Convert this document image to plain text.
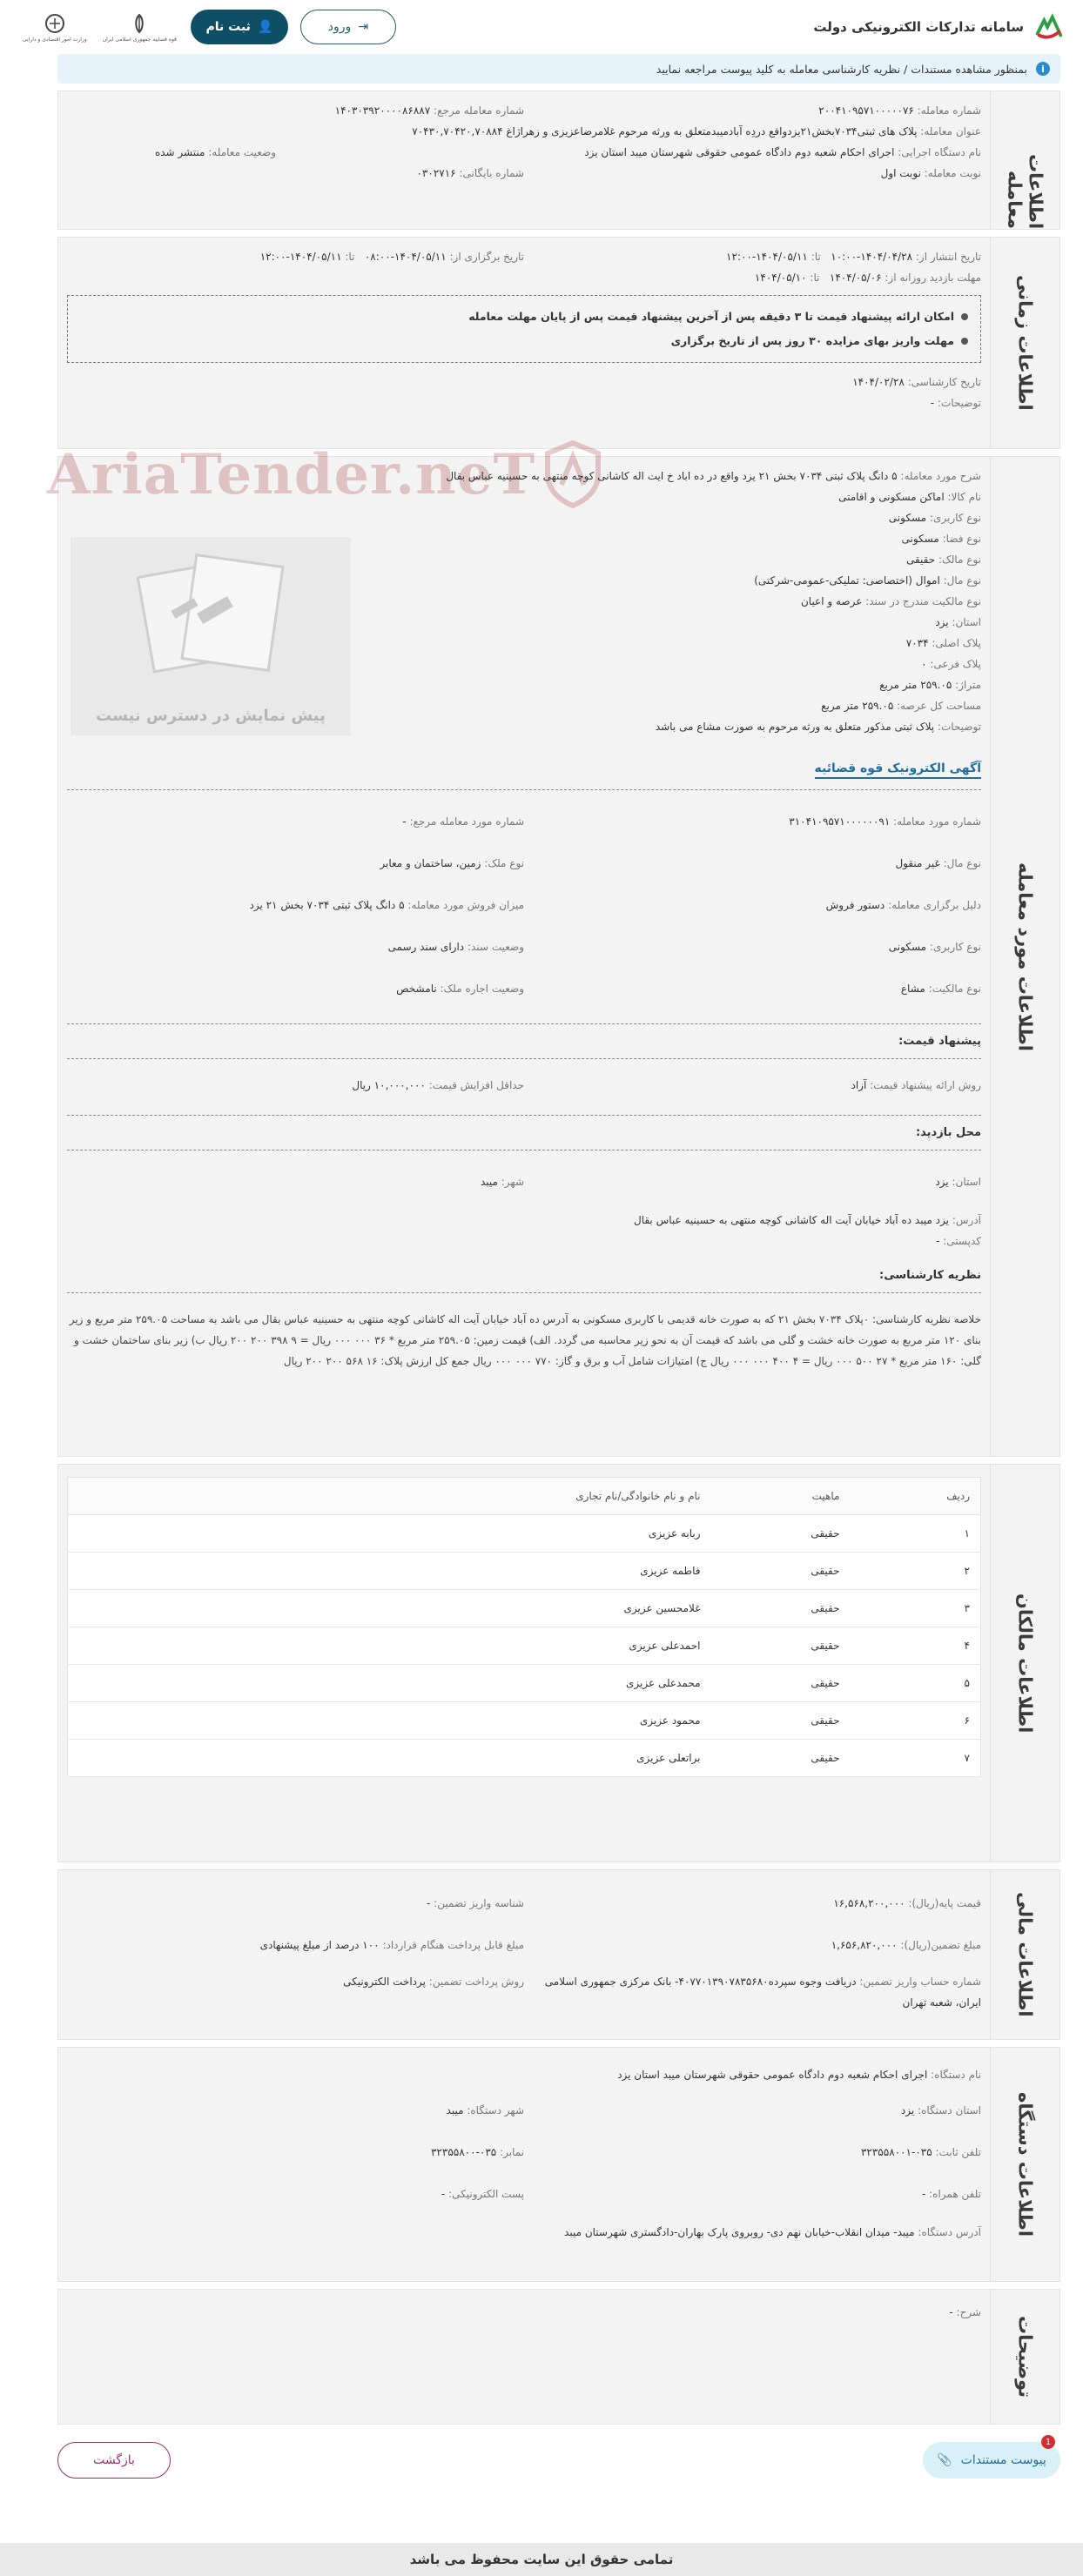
سامانه تدارکات الکترونیکی دولت
⇥
ورود
👤
ثبت نام
قوه قضاییه جمهوری اسلامی ایران
وزارت امور اقتصادی و دارایی
i
بمنظور مشاهده مستندات / نظریه کارشناسی معامله به کلید پیوست مراجعه نمایید
AriaTender.neT
اطلاعات معامله
شماره معامله: ۲۰۰۴۱۰۹۵۷۱۰۰۰۰۰۷۶
شماره معامله مرجع: ۱۴۰۳۰۳۹۲۰۰۰۰۸۶۸۸۷
عنوان معامله: پلاک های ثبتی۷۰۳۴بخش۲۱یزدواقع دردِه آبادمیبدمتعلق به ورثه مرحوم غلامرضاعزیزی و زهراژاغ ۷۰۴۳۰,۷۰۴۲۰,۷۰۸۸۴
نام دستگاه اجرایی: اجرای احکام شعبه دوم دادگاه عمومی حقوقی شهرستان میبد استان یزد
وضعیت معامله: منتشر شده
نوبت معامله: نوبت اول
شماره بایگانی: ۰۳۰۲۷۱۶
اطلاعات زمانی
تاریخ انتشار از: ۱۴۰۴/۰۴/۲۸-۱۰:۰۰   تا: ۱۴۰۴/۰۵/۱۱-۱۲:۰۰
تاریخ برگزاری از: ۱۴۰۴/۰۵/۱۱-۰۸:۰۰   تا: ۱۴۰۴/۰۵/۱۱-۱۲:۰۰
مهلت بازدید روزانه از: ۱۴۰۴/۰۵/۰۶   تا: ۱۴۰۴/۰۵/۱۰
امکان ارائه پیشنهاد قیمت تا ۳ دقیقه پس از آخرین پیشنهاد قیمت پس از پایان مهلت معامله
مهلت واریز بهای مزایده ۳۰ روز پس از تاریخ برگزاری
تاریخ کارشناسی: ۱۴۰۴/۰۲/۲۸
توضیحات: -
اطلاعات مورد معامله
شرح مورد معامله:

۵ دانگ پلاک ثبتی ۷۰۳۴ بخش ۲۱ یزد واقع در ده اباد خ ایت اله کاشانی کوچه منتهی به حسینیه عباس بقال
نام کالا:

اماکن مسکونی و اقامتی
نوع کاربری:

مسکونی
نوع فضا:

مسکونی
نوع مالک:

حقیقی
نوع مال:

اموال (اختصاصی: تملیکی-عمومی-شرکتی)
نوع مالکیت مندرج در سند:

عرصه و اعیان
استان:

یزد
پلاک اصلی:

۷۰۳۴
پلاک فرعی:

۰
متراژ:

۲۵۹.۰۵ متر مربع
مساحت کل عرصه:

۲۵۹.۰۵ متر مربع
توضیحات:

پلاک ثبتی مذکور متعلق به ورثه مرحوم به صورت مشاع می باشد
پیش نمایش در دسترس نیست
آگهی الکترونیک قوه قضائیه
شماره مورد معامله: ۳۱۰۴۱۰۹۵۷۱۰۰۰۰۰۰۹۱
شماره مورد معامله مرجع: -
نوع مال: غیر منقول
نوع ملک: زمین، ساختمان و معابر
دلیل برگزاری معامله: دستور فروش
میزان فروش مورد معامله: ۵ دانگ پلاک ثبتی ۷۰۳۴ بخش ۲۱ یزد
نوع کاربری: مسکونی
وضعیت سند: دارای سند رسمی
نوع مالکیت: مشاع
وضعیت اجاره ملک: نامشخص
پیشنهاد قیمت:
روش ارائه پیشنهاد قیمت: آزاد
حداقل افزایش قیمت: ۱۰,۰۰۰,۰۰۰ ریال
محل بازدید:
استان: یزد
شهر: میبد
آدرس: یزد میبد ده آباد خیابان آیت اله کاشانی کوچه منتهی به حسینیه عباس بقال
کدپستی: -
نظریه کارشناسی:
خلاصه نظریه کارشناسی: ۰پلاک ۷۰۳۴ بخش ۲۱ که به صورت خانه قدیمی با کاربری مسکونی به آدرس ده آباد خیابان آیت اله کاشانی کوچه منتهی به حسینیه عباس بقال می باشد به مساحت ۲۵۹.۰۵ متر مربع و زیر بنای ۱۲۰ متر مربع به صورت خانه خشت و گلی می باشد که قیمت آن به نحو زیر محاسبه می گردد. الف) قیمت زمین: ۲۵۹.۰۵ متر مربع * ۳۶ ۰۰۰ ۰۰۰ ریال = ۹ ۳۹۸ ۲۰۰ ۲۰۰ ریال ب) زیر بنای ساختمان خشت و گلی: ۱۶۰ متر مربع * ۲۷ ۵۰۰ ۰۰۰ ریال = ۴ ۴۰۰ ۰۰۰ ۰۰۰ ریال ج) امتیازات شامل آب و برق و گاز: ۷۷۰ ۰۰۰ ۰۰۰ ریال جمع کل ارزش پلاک: ۱۶ ۵۶۸ ۲۰۰ ۲۰۰ ریال
اطلاعات مالکان
ردیف	ماهیت	نام و نام خانوادگی/نام تجاری
۱	حقیقی	ربابه عزیزی
۲	حقیقی	فاطمه عزیزی
۳	حقیقی	غلامحسین عزیزی
۴	حقیقی	احمدعلی عزیزی
۵	حقیقی	محمدعلی عزیزی
۶	حقیقی	محمود عزیزی
۷	حقیقی	براتعلی عزیزی
اطلاعات مالی
قیمت پایه(ریال): ۱۶,۵۶۸,۲۰۰,۰۰۰
شناسه واریز تضمین: -
مبلغ تضمین(ریال): ۱,۶۵۶,۸۲۰,۰۰۰
مبلغ قابل پرداخت هنگام قرارداد: ۱۰۰ درصد از مبلغ پیشنهادی
شماره حساب واریز تضمین: دریافت وجوه سپرده۴۰۷۷۰۱۳۹۰۷۸۳۵۶۸۰- بانک مرکزی جمهوری اسلامی ایران، شعبه تهران
روش پرداخت تضمین: پرداخت الکترونیکی
اطلاعات دستگاه
نام دستگاه: اجرای احکام شعبه دوم دادگاه عمومی حقوقی شهرستان میبد استان یزد
استان دستگاه: یزد
شهر دستگاه: میبد
تلفن ثابت: ۰۳۵-۳۲۳۵۵۸۰۰۱
نمابر: ۰۳۵-۳۲۳۵۵۸۰۰
تلفن همراه: -
پست الکترونیکی: -
آدرس دستگاه: میبد- میدان انقلاب-خیابان نهم دی- روبروی پارک بهاران-دادگستری شهرستان میبد
توضیحات
شرح: -
1
پیوست مستندات
📎
بازگشت
تمامی حقوق این سایت محفوظ می باشد
